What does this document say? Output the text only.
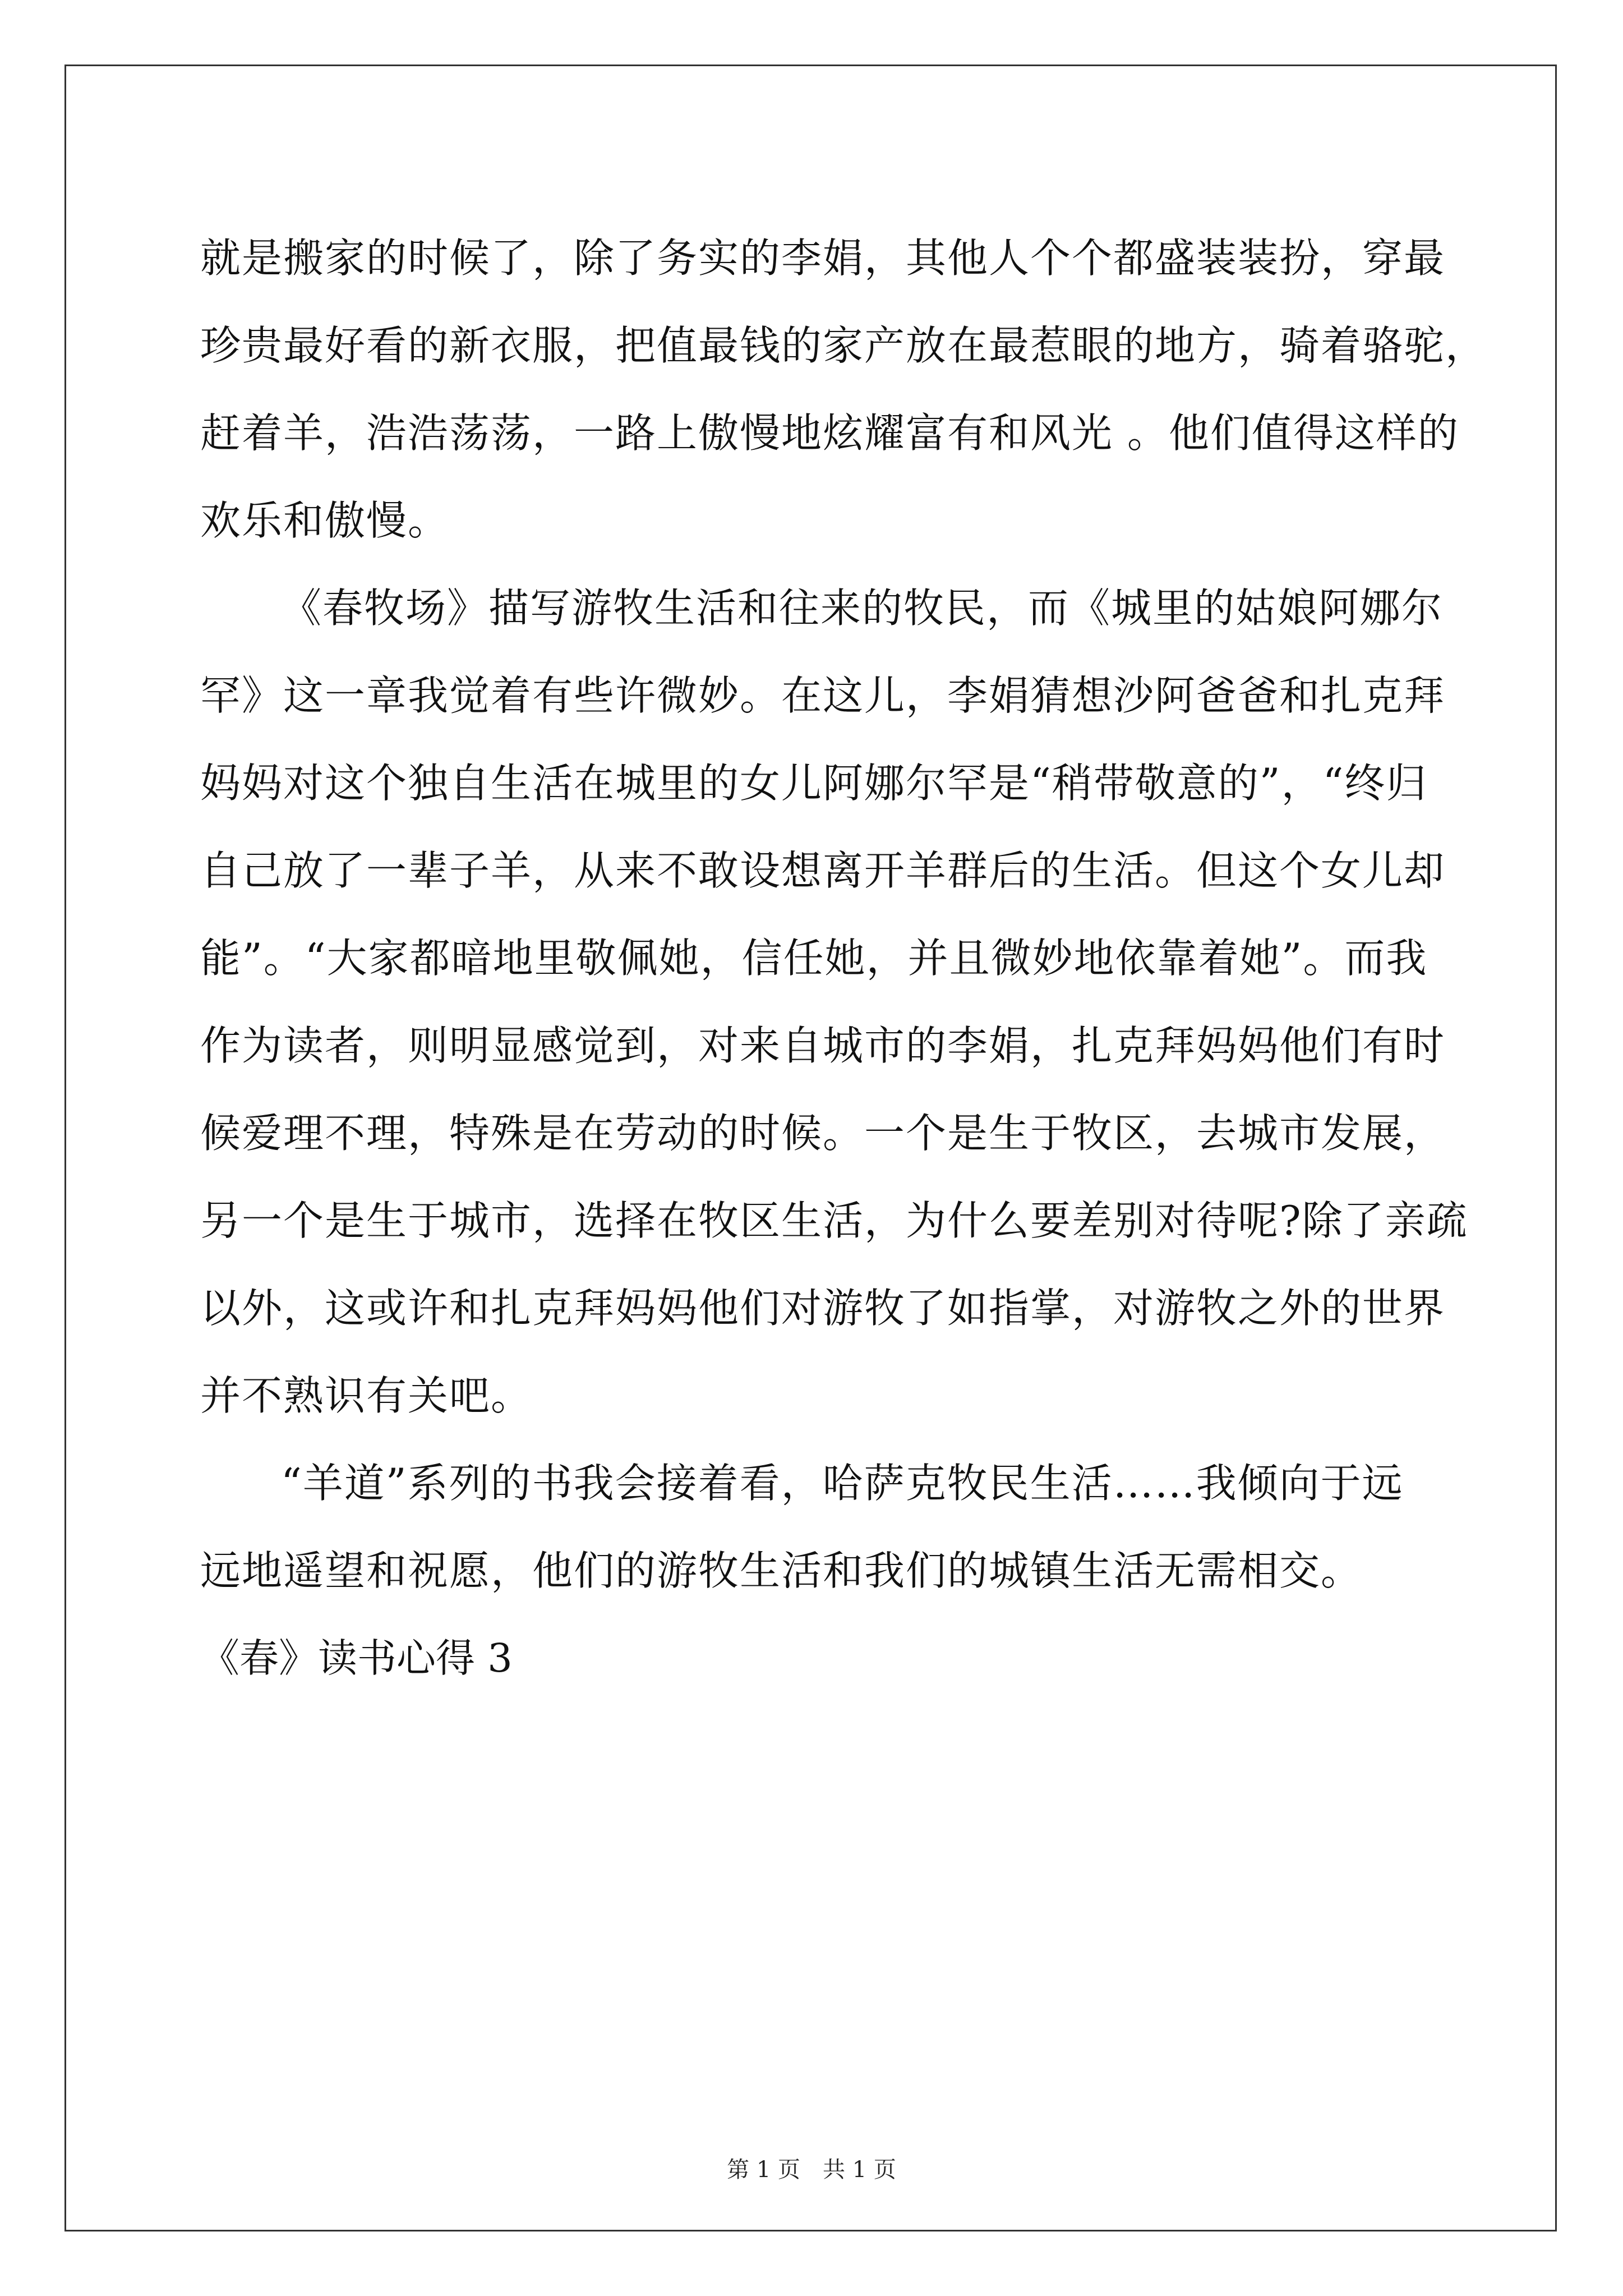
就是搬家的时候了，除了务实的李娟，其他人个个都盛装装扮，穿最
珍贵最好看的新衣服，把值最钱的家产放在最惹眼的地方，骑着骆驼，
赶着羊，浩浩荡荡，一路上傲慢地炫耀富有和风光 。他们值得这样的
欢乐和傲慢。
《春牧场》描写游牧生活和往来的牧民，而《城里的姑娘阿娜尔
罕》这一章我觉着有些许微妙。在这儿，李娟猜想沙阿爸爸和扎克拜
妈妈对这个独自生活在城里的女儿阿娜尔罕是“稍带敬意的”，“终归
自己放了一辈子羊，从来不敢设想离开羊群后的生活。但这个女儿却
能”。“大家都暗地里敬佩她，信任她，并且微妙地依靠着她”。而我
作为读者，则明显感觉到，对来自城市的李娟，扎克拜妈妈他们有时
候爱理不理，特殊是在劳动的时候。一个是生于牧区，去城市发展，
另一个是生于城市，选择在牧区生活，为什么要差别对待呢?除了亲疏
以外，这或许和扎克拜妈妈他们对游牧了如指掌，对游牧之外的世界
并不熟识有关吧。
“羊道”系列的书我会接着看，哈萨克牧民生活……我倾向于远
远地遥望和祝愿，他们的游牧生活和我们的城镇生活无需相交。
《春》读书心得 3
第 1 页　共 1 页
